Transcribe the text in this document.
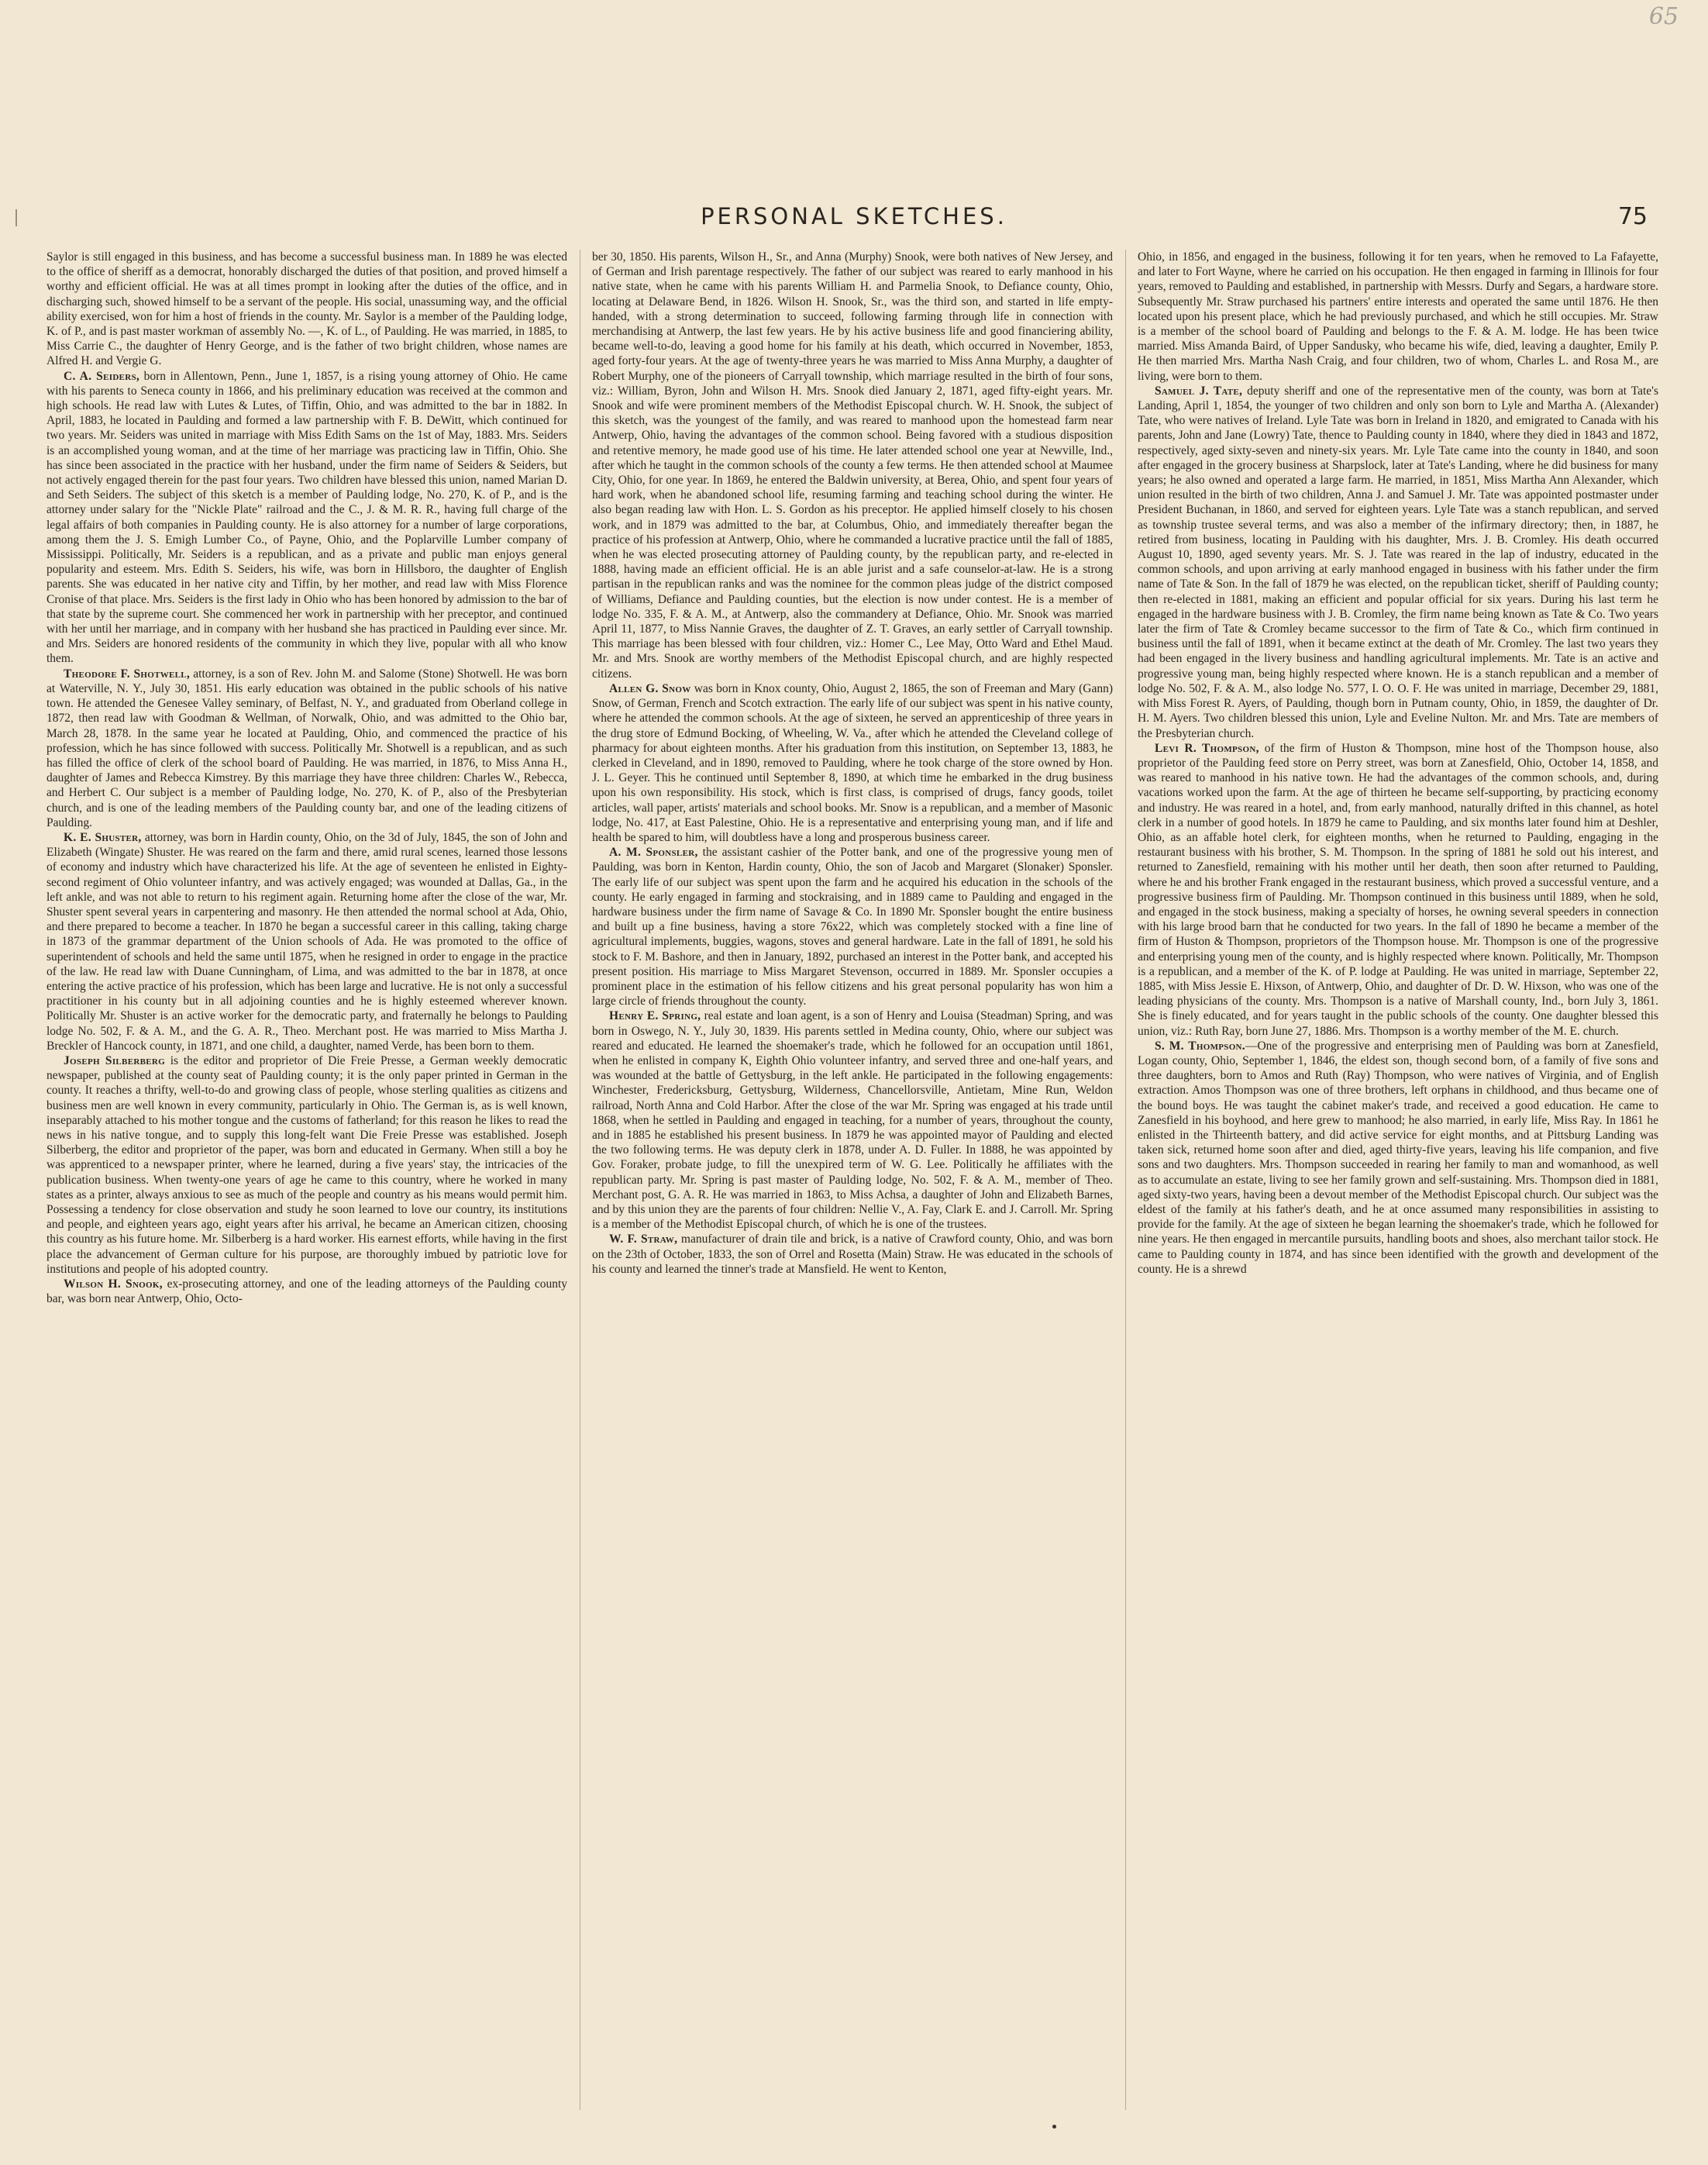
65
PERSONAL SKETCHES.	75

Saylor is still engaged in this business, and has become a successful business man. In 1889 he was elected to the office of sheriff as a democrat, honorably discharged the duties of that position, and proved himself a worthy and efficient official. He was at all times prompt in looking after the duties of the office, and in discharging such, showed himself to be a servant of the people. His social, unassuming way, and the official ability exercised, won for him a host of friends in the county. Mr. Saylor is a member of the Paulding lodge, K. of P., and is past master workman of assembly No. —, K. of L., of Paulding. He was married, in 1885, to Miss Carrie C., the daughter of Henry George, and is the father of two bright children, whose names are Alfred H. and Vergie G.

C. A. Seiders, born in Allentown, Penn., June 1, 1857, is a rising young attorney of Ohio. He came with his parents to Seneca county in 1866, and his preliminary education was received at the common and high schools. He read law with Lutes & Lutes, of Tiffin, Ohio, and was admitted to the bar in 1882. In April, 1883, he located in Paulding and formed a law partnership with F. B. DeWitt, which continued for two years. Mr. Seiders was united in marriage with Miss Edith Sams on the 1st of May, 1883. Mrs. Seiders is an accomplished young woman, and at the time of her marriage was practicing law in Tiffin, Ohio. She has since been associated in the practice with her husband, under the firm name of Seiders & Seiders, but not actively engaged therein for the past four years. Two children have blessed this union, named Marian D. and Seth Seiders. The subject of this sketch is a member of Paulding lodge, No. 270, K. of P., and is the attorney under salary for the "Nickle Plate" railroad and the C., J. & M. R. R., having full charge of the legal affairs of both companies in Paulding county. He is also attorney for a number of large corporations, among them the J. S. Emigh Lumber Co., of Payne, Ohio, and the Poplarville Lumber company of Mississippi. Politically, Mr. Seiders is a republican, and as a private and public man enjoys general popularity and esteem. Mrs. Edith S. Seiders, his wife, was born in Hillsboro, the daughter of English parents. She was educated in her native city and Tiffin, by her mother, and read law with Miss Florence Cronise of that place. Mrs. Seiders is the first lady in Ohio who has been honored by admission to the bar of that state by the supreme court. She commenced her work in partnership with her preceptor, and continued with her until her marriage, and in company with her husband she has practiced in Paulding ever since. Mr. and Mrs. Seiders are honored residents of the community in which they live, popular with all who know them.

Theodore F. Shotwell, attorney, is a son of Rev. John M. and Salome (Stone) Shotwell. He was born at Waterville, N. Y., July 30, 1851. His early education was obtained in the public schools of his native town. He attended the Genesee Valley seminary, of Belfast, N. Y., and graduated from Oberland college in 1872, then read law with Goodman & Wellman, of Norwalk, Ohio, and was admitted to the Ohio bar, March 28, 1878. In the same year he located at Paulding, Ohio, and commenced the practice of his profession, which he has since followed with success. Politically Mr. Shotwell is a republican, and as such has filled the office of clerk of the school board of Paulding. He was married, in 1876, to Miss Anna H., daughter of James and Rebecca Kimstrey. By this marriage they have three children: Charles W., Rebecca, and Herbert C. Our subject is a member of Paulding lodge, No. 270, K. of P., also of the Presbyterian church, and is one of the leading members of the Paulding county bar, and one of the leading citizens of Paulding.

K. E. Shuster, attorney, was born in Hardin county, Ohio, on the 3d of July, 1845, the son of John and Elizabeth (Wingate) Shuster. He was reared on the farm and there, amid rural scenes, learned those lessons of economy and industry which have characterized his life. At the age of seventeen he enlisted in Eighty-second regiment of Ohio volunteer infantry, and was actively engaged; was wounded at Dallas, Ga., in the left ankle, and was not able to return to his regiment again. Returning home after the close of the war, Mr. Shuster spent several years in carpentering and masonry. He then attended the normal school at Ada, Ohio, and there prepared to become a teacher. In 1870 he began a successful career in this calling, taking charge in 1873 of the grammar department of the Union schools of Ada. He was promoted to the office of superintendent of schools and held the same until 1875, when he resigned in order to engage in the practice of the law. He read law with Duane Cunningham, of Lima, and was admitted to the bar in 1878, at once entering the active practice of his profession, which has been large and lucrative. He is not only a successful practitioner in his county but in all adjoining counties and he is highly esteemed wherever known. Politically Mr. Shuster is an active worker for the democratic party, and fraternally he belongs to Paulding lodge No. 502, F. & A. M., and the G. A. R., Theo. Merchant post. He was married to Miss Martha J. Breckler of Hancock county, in 1871, and one child, a daughter, named Verde, has been born to them.

Joseph Silberberg is the editor and proprietor of Die Freie Presse, a German weekly democratic newspaper, published at the county seat of Paulding county; it is the only paper printed in German in the county. It reaches a thrifty, well-to-do and growing class of people, whose sterling qualities as citizens and business men are well known in every community, particularly in Ohio. The German is, as is well known, inseparably attached to his mother tongue and the customs of fatherland; for this reason he likes to read the news in his native tongue, and to supply this long-felt want Die Freie Presse was established. Joseph Silberberg, the editor and proprietor of the paper, was born and educated in Germany. When still a boy he was apprenticed to a newspaper printer, where he learned, during a five years' stay, the intricacies of the publication business. When twenty-one years of age he came to this country, where he worked in many states as a printer, always anxious to see as much of the people and country as his means would permit him. Possessing a tendency for close observation and study he soon learned to love our country, its institutions and people, and eighteen years ago, eight years after his arrival, he became an American citizen, choosing this country as his future home. Mr. Silberberg is a hard worker. His earnest efforts, while having in the first place the advancement of German culture for his purpose, are thoroughly imbued by patriotic love for institutions and people of his adopted country.

Wilson H. Snook, ex-prosecuting attorney, and one of the leading attorneys of the Paulding county bar, was born near Antwerp, Ohio, Octo-

ber 30, 1850. His parents, Wilson H., Sr., and Anna (Murphy) Snook, were both natives of New Jersey, and of German and Irish parentage respectively. The father of our subject was reared to early manhood in his native state, when he came with his parents William H. and Parmelia Snook, to Defiance county, Ohio, locating at Delaware Bend, in 1826. Wilson H. Snook, Sr., was the third son, and started in life empty-handed, with a strong determination to succeed, following farming through life in connection with merchandising at Antwerp, the last few years. He by his active business life and good financiering ability, became well-to-do, leaving a good home for his family at his death, which occurred in November, 1853, aged forty-four years. At the age of twenty-three years he was married to Miss Anna Murphy, a daughter of Robert Murphy, one of the pioneers of Carryall township, which marriage resulted in the birth of four sons, viz.: William, Byron, John and Wilson H. Mrs. Snook died January 2, 1871, aged fifty-eight years. Mr. Snook and wife were prominent members of the Methodist Episcopal church. W. H. Snook, the subject of this sketch, was the youngest of the family, and was reared to manhood upon the homestead farm near Antwerp, Ohio, having the advantages of the common school. Being favored with a studious disposition and retentive memory, he made good use of his time. He later attended school one year at Newville, Ind., after which he taught in the common schools of the county a few terms. He then attended school at Maumee City, Ohio, for one year. In 1869, he entered the Baldwin university, at Berea, Ohio, and spent four years of hard work, when he abandoned school life, resuming farming and teaching school during the winter. He also began reading law with Hon. L. S. Gordon as his preceptor. He applied himself closely to his chosen work, and in 1879 was admitted to the bar, at Columbus, Ohio, and immediately thereafter began the practice of his profession at Antwerp, Ohio, where he commanded a lucrative practice until the fall of 1885, when he was elected prosecuting attorney of Paulding county, by the republican party, and re-elected in 1888, having made an efficient official. He is an able jurist and a safe counselor-at-law. He is a strong partisan in the republican ranks and was the nominee for the common pleas judge of the district composed of Williams, Defiance and Paulding counties, but the election is now under contest. He is a member of lodge No. 335, F. & A. M., at Antwerp, also the commandery at Defiance, Ohio. Mr. Snook was married April 11, 1877, to Miss Nannie Graves, the daughter of Z. T. Graves, an early settler of Carryall township. This marriage has been blessed with four children, viz.: Homer C., Lee May, Otto Ward and Ethel Maud. Mr. and Mrs. Snook are worthy members of the Methodist Episcopal church, and are highly respected citizens.

Allen G. Snow was born in Knox county, Ohio, August 2, 1865, the son of Freeman and Mary (Gann) Snow, of German, French and Scotch extraction. The early life of our subject was spent in his native county, where he attended the common schools. At the age of sixteen, he served an apprenticeship of three years in the drug store of Edmund Bocking, of Wheeling, W. Va., after which he attended the Cleveland college of pharmacy for about eighteen months. After his graduation from this institution, on September 13, 1883, he clerked in Cleveland, and in 1890, removed to Paulding, where he took charge of the store owned by Hon. J. L. Geyer. This he continued until September 8, 1890, at which time he embarked in the drug business upon his own responsibility. His stock, which is first class, is comprised of drugs, fancy goods, toilet articles, wall paper, artists' materials and school books. Mr. Snow is a republican, and a member of Masonic lodge, No. 417, at East Palestine, Ohio. He is a representative and enterprising young man, and if life and health be spared to him, will doubtless have a long and prosperous business career.

A. M. Sponsler, the assistant cashier of the Potter bank, and one of the progressive young men of Paulding, was born in Kenton, Hardin county, Ohio, the son of Jacob and Margaret (Slonaker) Sponsler. The early life of our subject was spent upon the farm and he acquired his education in the schools of the county. He early engaged in farming and stockraising, and in 1889 came to Paulding and engaged in the hardware business under the firm name of Savage & Co. In 1890 Mr. Sponsler bought the entire business and built up a fine business, having a store 76x22, which was completely stocked with a fine line of agricultural implements, buggies, wagons, stoves and general hardware. Late in the fall of 1891, he sold his stock to F. M. Bashore, and then in January, 1892, purchased an interest in the Potter bank, and accepted his present position. His marriage to Miss Margaret Stevenson, occurred in 1889. Mr. Sponsler occupies a prominent place in the estimation of his fellow citizens and his great personal popularity has won him a large circle of friends throughout the county.

Henry E. Spring, real estate and loan agent, is a son of Henry and Louisa (Steadman) Spring, and was born in Oswego, N. Y., July 30, 1839. His parents settled in Medina county, Ohio, where our subject was reared and educated. He learned the shoemaker's trade, which he followed for an occupation until 1861, when he enlisted in company K, Eighth Ohio volunteer infantry, and served three and one-half years, and was wounded at the battle of Gettysburg, in the left ankle. He participated in the following engagements: Winchester, Fredericksburg, Gettysburg, Wilderness, Chancellorsville, Antietam, Mine Run, Weldon railroad, North Anna and Cold Harbor. After the close of the war Mr. Spring was engaged at his trade until 1868, when he settled in Paulding and engaged in teaching, for a number of years, throughout the county, and in 1885 he established his present business. In 1879 he was appointed mayor of Paulding and elected the two following terms. He was deputy clerk in 1878, under A. D. Fuller. In 1888, he was appointed by Gov. Foraker, probate judge, to fill the unexpired term of W. G. Lee. Politically he affiliates with the republican party. Mr. Spring is past master of Paulding lodge, No. 502, F. & A. M., member of Theo. Merchant post, G. A. R. He was married in 1863, to Miss Achsa, a daughter of John and Elizabeth Barnes, and by this union they are the parents of four children: Nellie V., A. Fay, Clark E. and J. Carroll. Mr. Spring is a member of the Methodist Episcopal church, of which he is one of the trustees.

W. F. Straw, manufacturer of drain tile and brick, is a native of Crawford county, Ohio, and was born on the 23th of October, 1833, the son of Orrel and Rosetta (Main) Straw. He was educated in the schools of his county and learned the tinner's trade at Mansfield. He went to Kenton,

Ohio, in 1856, and engaged in the business, following it for ten years, when he removed to La Fafayette, and later to Fort Wayne, where he carried on his occupation. He then engaged in farming in Illinois for four years, removed to Paulding and established, in partnership with Messrs. Durfy and Segars, a hardware store. Subsequently Mr. Straw purchased his partners' entire interests and operated the same until 1876. He then located upon his present place, which he had previously purchased, and which he still occupies. Mr. Straw is a member of the school board of Paulding and belongs to the F. & A. M. lodge. He has been twice married. Miss Amanda Baird, of Upper Sandusky, who became his wife, died, leaving a daughter, Emily P. He then married Mrs. Martha Nash Craig, and four children, two of whom, Charles L. and Rosa M., are living, were born to them.

Samuel J. Tate, deputy sheriff and one of the representative men of the county, was born at Tate's Landing, April 1, 1854, the younger of two children and only son born to Lyle and Martha A. (Alexander) Tate, who were natives of Ireland. Lyle Tate was born in Ireland in 1820, and emigrated to Canada with his parents, John and Jane (Lowry) Tate, thence to Paulding county in 1840, where they died in 1843 and 1872, respectively, aged sixty-seven and ninety-six years. Mr. Lyle Tate came into the county in 1840, and soon after engaged in the grocery business at Sharpslock, later at Tate's Landing, where he did business for many years; he also owned and operated a large farm. He married, in 1851, Miss Martha Ann Alexander, which union resulted in the birth of two children, Anna J. and Samuel J. Mr. Tate was appointed postmaster under President Buchanan, in 1860, and served for eighteen years. Lyle Tate was a stanch republican, and served as township trustee several terms, and was also a member of the infirmary directory; then, in 1887, he retired from business, locating in Paulding with his daughter, Mrs. J. B. Cromley. His death occurred August 10, 1890, aged seventy years. Mr. S. J. Tate was reared in the lap of industry, educated in the common schools, and upon arriving at early manhood engaged in business with his father under the firm name of Tate & Son. In the fall of 1879 he was elected, on the republican ticket, sheriff of Paulding county; then re-elected in 1881, making an efficient and popular official for six years. During his last term he engaged in the hardware business with J. B. Cromley, the firm name being known as Tate & Co. Two years later the firm of Tate & Cromley became successor to the firm of Tate & Co., which firm continued in business until the fall of 1891, when it became extinct at the death of Mr. Cromley. The last two years they had been engaged in the livery business and handling agricultural implements. Mr. Tate is an active and progressive young man, being highly respected where known. He is a stanch republican and a member of lodge No. 502, F. & A. M., also lodge No. 577, I. O. O. F. He was united in marriage, December 29, 1881, with Miss Forest R. Ayers, of Paulding, though born in Putnam county, Ohio, in 1859, the daughter of Dr. H. M. Ayers. Two children blessed this union, Lyle and Eveline Nulton. Mr. and Mrs. Tate are members of the Presbyterian church.

Levi R. Thompson, of the firm of Huston & Thompson, mine host of the Thompson house, also proprietor of the Paulding feed store on Perry street, was born at Zanesfield, Ohio, October 14, 1858, and was reared to manhood in his native town. He had the advantages of the common schools, and, during vacations worked upon the farm. At the age of thirteen he became self-supporting, by practicing economy and industry. He was reared in a hotel, and, from early manhood, naturally drifted in this channel, as hotel clerk in a number of good hotels. In 1879 he came to Paulding, and six months later found him at Deshler, Ohio, as an affable hotel clerk, for eighteen months, when he returned to Paulding, engaging in the restaurant business with his brother, S. M. Thompson. In the spring of 1881 he sold out his interest, and returned to Zanesfield, remaining with his mother until her death, then soon after returned to Paulding, where he and his brother Frank engaged in the restaurant business, which proved a successful venture, and a progressive business firm of Paulding. Mr. Thompson continued in this business until 1889, when he sold, and engaged in the stock business, making a specialty of horses, he owning several speeders in connection with his large brood barn that he conducted for two years. In the fall of 1890 he became a member of the firm of Huston & Thompson, proprietors of the Thompson house. Mr. Thompson is one of the progressive and enterprising young men of the county, and is highly respected where known. Politically, Mr. Thompson is a republican, and a member of the K. of P. lodge at Paulding. He was united in marriage, September 22, 1885, with Miss Jessie E. Hixson, of Antwerp, Ohio, and daughter of Dr. D. W. Hixson, who was one of the leading physicians of the county. Mrs. Thompson is a native of Marshall county, Ind., born July 3, 1861. She is finely educated, and for years taught in the public schools of the county. One daughter blessed this union, viz.: Ruth Ray, born June 27, 1886. Mrs. Thompson is a worthy member of the M. E. church.

S. M. Thompson.—One of the progressive and enterprising men of Paulding was born at Zanesfield, Logan county, Ohio, September 1, 1846, the eldest son, though second born, of a family of five sons and three daughters, born to Amos and Ruth (Ray) Thompson, who were natives of Virginia, and of English extraction. Amos Thompson was one of three brothers, left orphans in childhood, and thus became one of the bound boys. He was taught the cabinet maker's trade, and received a good education. He came to Zanesfield in his boyhood, and here grew to manhood; he also married, in early life, Miss Ray. In 1861 he enlisted in the Thirteenth battery, and did active service for eight months, and at Pittsburg Landing was taken sick, returned home soon after and died, aged thirty-five years, leaving his life companion, and five sons and two daughters. Mrs. Thompson succeeded in rearing her family to man and womanhood, as well as to accumulate an estate, living to see her family grown and self-sustaining. Mrs. Thompson died in 1881, aged sixty-two years, having been a devout member of the Methodist Episcopal church. Our subject was the eldest of the family at his father's death, and he at once assumed many responsibilities in assisting to provide for the family. At the age of sixteen he began learning the shoemaker's trade, which he followed for nine years. He then engaged in mercantile pursuits, handling boots and shoes, also merchant tailor stock. He came to Paulding county in 1874, and has since been identified with the growth and development of the county. He is a shrewd
